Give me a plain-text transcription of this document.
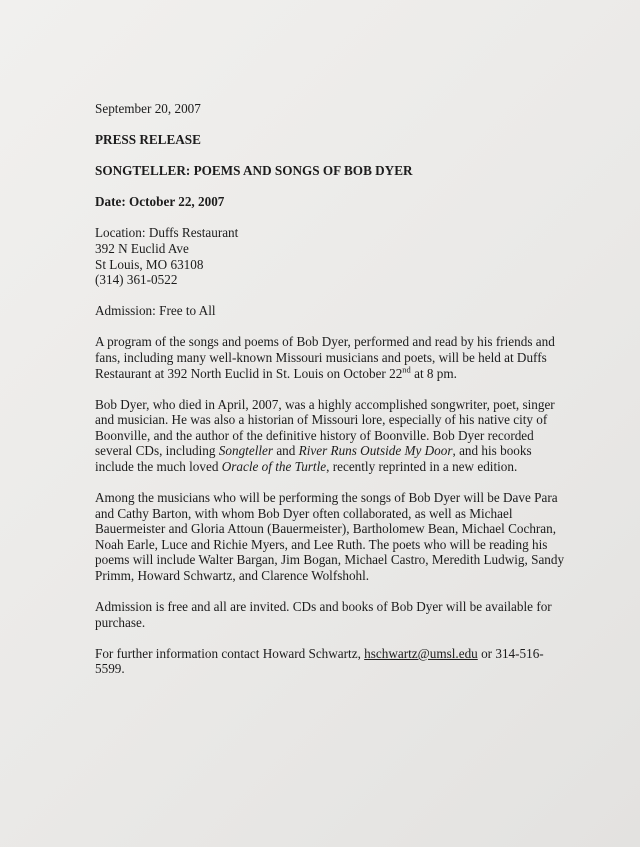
September 20, 2007
PRESS RELEASE
SONGTELLER: POEMS AND SONGS OF BOB DYER
Date: October 22, 2007
Location: Duffs Restaurant
392 N Euclid Ave
St Louis, MO 63108
(314) 361-0522
Admission: Free to All
A program of the songs and poems of Bob Dyer, performed and read by his friends and
fans, including many well-known Missouri musicians and poets, will be held at Duffs
Restaurant at 392 North Euclid in St. Louis on October 22nd at 8 pm.
Bob Dyer, who died in April, 2007, was a highly accomplished songwriter, poet, singer
and musician. He was also a historian of Missouri lore, especially of his native city of
Boonville, and the author of the definitive history of Boonville. Bob Dyer recorded
several CDs, including Songteller and River Runs Outside My Door, and his books
include the much loved Oracle of the Turtle, recently reprinted in a new edition.
Among the musicians who will be performing the songs of Bob Dyer will be Dave Para
and Cathy Barton, with whom Bob Dyer often collaborated, as well as Michael
Bauermeister and Gloria Attoun (Bauermeister), Bartholomew Bean, Michael Cochran,
Noah Earle, Luce and Richie Myers, and Lee Ruth. The poets who will be reading his
poems will include Walter Bargan, Jim Bogan, Michael Castro, Meredith Ludwig, Sandy
Primm, Howard Schwartz, and Clarence Wolfshohl.
Admission is free and all are invited. CDs and books of Bob Dyer will be available for
purchase.
For further information contact Howard Schwartz, hschwartz@umsl.edu or 314-516-
5599.
